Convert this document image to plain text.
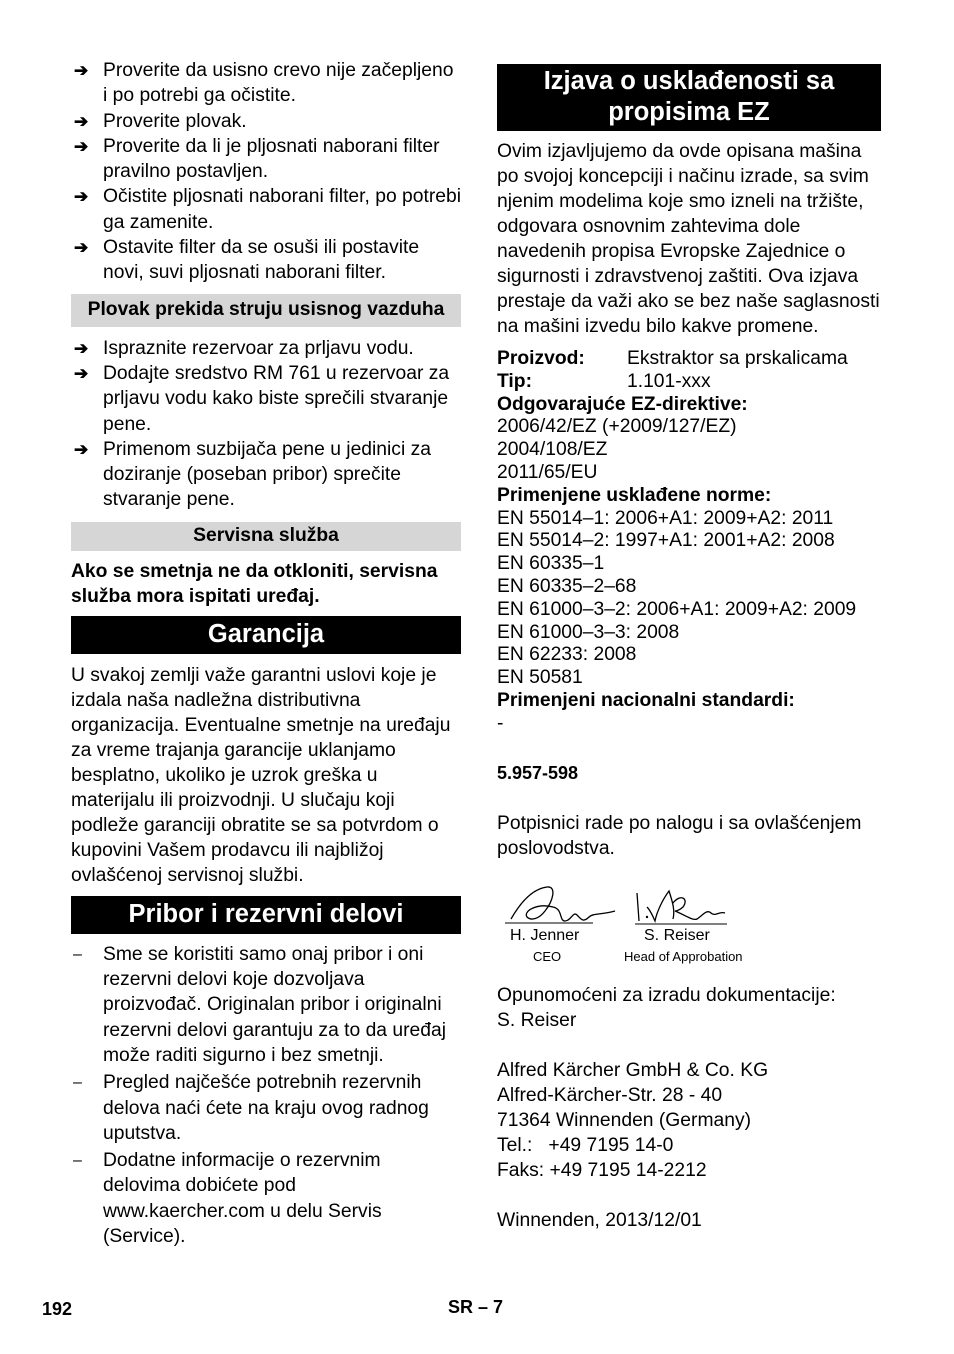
➔ Proverite da usisno crevo nije začepljeno i po potrebi ga očistite.
➔ Proverite plovak.
➔ Proverite da li je pljosnati naborani filter pravilno postavljen.
➔ Očistite pljosnati naborani filter, po potrebi ga zamenite.
➔ Ostavite filter da se osuši ili postavite novi, suvi pljosnati naborani filter.
Plovak prekida struju usisnog vazduha
➔ Ispraznite rezervoar za prljavu vodu.
➔ Dodajte sredstvo RM 761 u rezervoar za prljavu vodu kako biste sprečili stvaranje pene.
➔ Primenom suzbijača pene u jedinici za doziranje (poseban pribor) sprečite stvaranje pene.
Servisna služba

Ako se smetnja ne da otkloniti, servisna služba mora ispitati uređaj.

Garancija

U svakoj zemlji važe garantni uslovi koje je izdala naša nadležna distributivna organizacija. Eventualne smetnje na uređaju za vreme trajanja garancije uklanjamo besplatno, ukoliko je uzrok greška u materijalu ili proizvodnji. U slučaju koji podleže garanciji obratite se sa potvrdom o kupovini Vašem prodavcu ili najbližoj ovlašćenoj servisnoj službi.

Pribor i rezervni delovi
– Sme se koristiti samo onaj pribor i oni rezervni delovi koje dozvoljava proizvođač. Originalan pribor i originalni rezervni delovi garantuju za to da uređaj može raditi sigurno i bez smetnji.
– Pregled najčešće potrebnih rezervnih delova naći ćete na kraju ovog radnog uputstva.
– Dodatne informacije o rezervnim delovima dobićete pod www.kaercher.com u delu Servis (Service).
Izjava o usklađenosti sa propisima EZ

Ovim izjavljujemo da ovde opisana mašina po svojoj koncepciji i načinu izrade, sa svim njenim modelima koje smo izneli na tržište, odgovara osnovnim zahtevima dole navedenih propisa Evropske Zajednice o sigurnosti i zdravstvenoj zaštiti. Ova izjava prestaje da važi ako se bez naše saglasnosti na mašini izvedu bilo kakve promene.

Proizvod:	Ekstraktor sa prskalicama
Tip:	1.101-xxx
Odgovarajuće EZ-direktive:
2006/42/EZ (+2009/127/EZ)
2004/108/EZ
2011/65/EU
Primenjene usklađene norme:
EN 55014–1: 2006+A1: 2009+A2: 2011
EN 55014–2: 1997+A1: 2001+A2: 2008
EN 60335–1
EN 60335–2–68
EN 61000–3–2: 2006+A1: 2009+A2: 2009
EN 61000–3–3: 2008
EN 62233: 2008
EN 50581
Primenjeni nacionalni standardi:
-
5.957-598

Potpisnici rade po nalogu i sa ovlašćenjem poslovodstva.

H. Jenner
CEO
S. Reiser
Head of Approbation

Opunomoćeni za izradu dokumentacije:

S. Reiser

Alfred Kärcher GmbH & Co. KG

Alfred-Kärcher-Str. 28 - 40

71364 Winnenden (Germany)

Tel.:   +49 7195 14-0

Faks: +49 7195 14-2212

Winnenden, 2013/12/01

192	SR – 7
